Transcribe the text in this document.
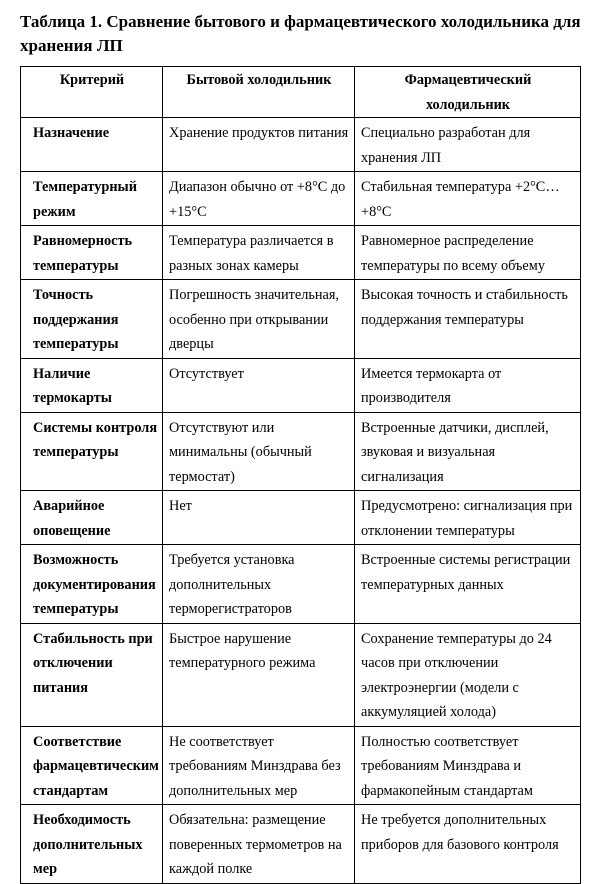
Таблица 1. Сравнение бытового и фармацевтического холодильника для хранения ЛП
Критерий	Бытовой холодильник	Фармацевтический холодильник
Назначение	Хранение продуктов питания	Специально разработан для хранения ЛП
Температурный режим	Диапазон обычно от +8°C до +15°C	Стабильная температура +2°C…+8°C
Равномерность температуры	Температура различается в разных зонах камеры	Равномерное распределение температуры по всему объему
Точность поддержания температуры	Погрешность значительная, особенно при открывании дверцы	Высокая точность и стабильность поддержания температуры
Наличие термокарты	Отсутствует	Имеется термокарта от производителя
Системы контроля температуры	Отсутствуют или минимальны (обычный термостат)	Встроенные датчики, дисплей, звуковая и визуальная сигнализация
Аварийное оповещение	Нет	Предусмотрено: сигнализация при отклонении температуры
Возможность документирования температуры	Требуется установка дополнительных терморегистраторов	Встроенные системы регистрации температурных данных
Стабильность при отключении питания	Быстрое нарушение температурного режима	Сохранение температуры до 24 часов при отключении электроэнергии (модели с аккумуляцией холода)
Соответствие фармацевтическим стандартам	Не соответствует требованиям Минздрава без дополнительных мер	Полностью соответствует требованиям Минздрава и фармакопейным стандартам
Необходимость дополнительных мер	Обязательна: размещение поверенных термометров на каждой полке	Не требуется дополнительных приборов для базового контроля
